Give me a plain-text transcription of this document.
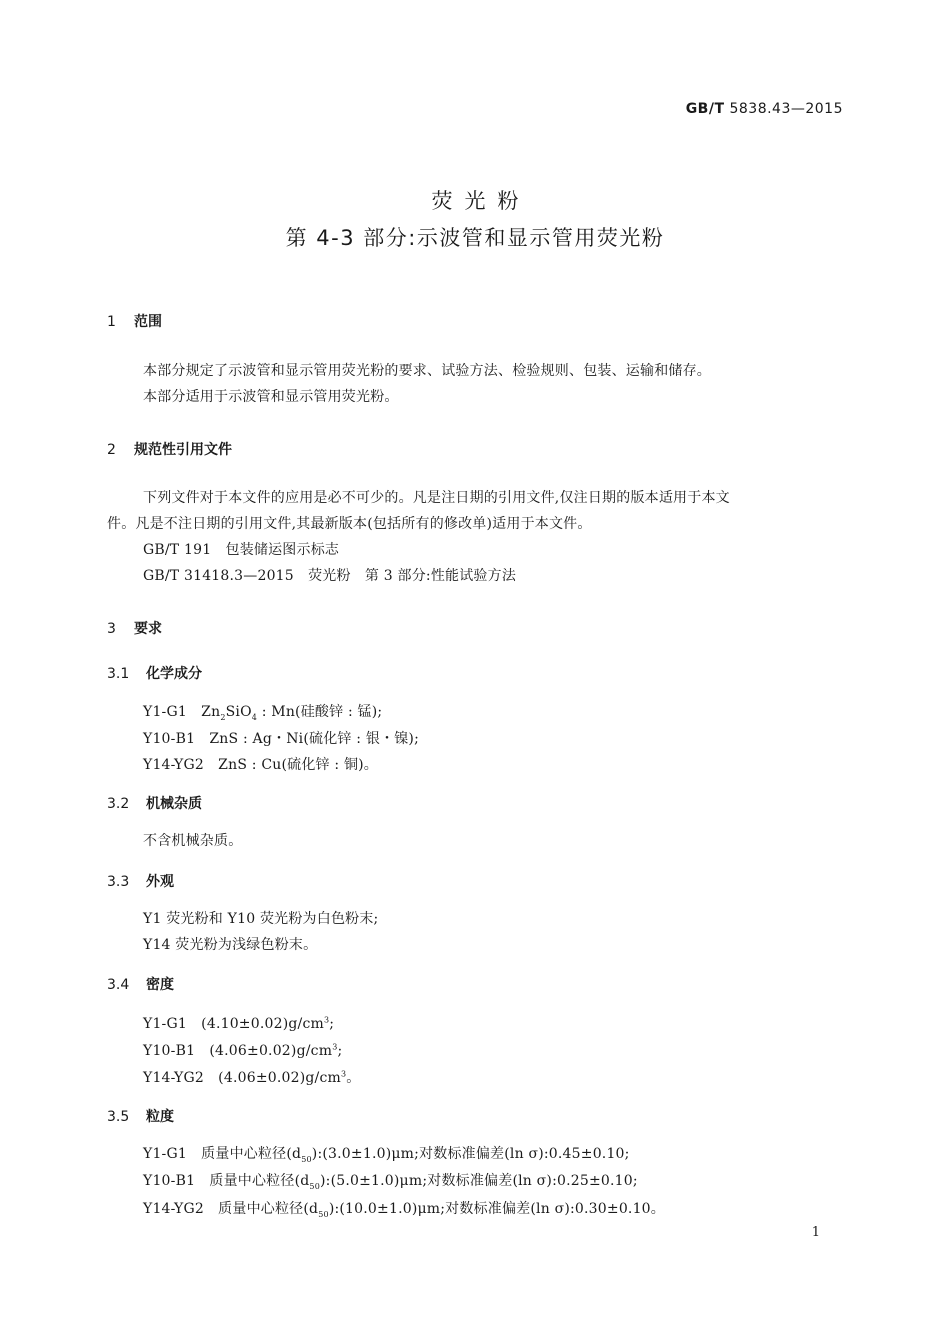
GB/T 5838.43—2015
荧光粉
第 4-3 部分:示波管和显示管用荧光粉
1 范围
本部分规定了示波管和显示管用荧光粉的要求、试验方法、检验规则、包装、运输和储存。
本部分适用于示波管和显示管用荧光粉。
2 规范性引用文件
下列文件对于本文件的应用是必不可少的。凡是注日期的引用文件,仅注日期的版本适用于本文
件。凡是不注日期的引用文件,其最新版本(包括所有的修改单)适用于本文件。
GB/T 191　包装储运图示标志
GB/T 31418.3—2015　荧光粉　第 3 部分:性能试验方法
3 要求
3.1 化学成分
Y1-G1　$Zn_2SiO_4$ : Mn(硅酸锌 : 锰);
Y10-B1　ZnS : Ag・Ni(硫化锌 : 银・镍);
Y14-YG2　ZnS : Cu(硫化锌 : 铜)。
3.2 机械杂质
不含机械杂质。
3.3 外观
Y1 荧光粉和 Y10 荧光粉为白色粉末;
Y14 荧光粉为浅绿色粉末。
3.4 密度
Y1-G1　$(4.10\pm 0.02)g/cm^3$;
Y10-B1　$(4.06\pm 0.02)g/cm^3$;
Y14-YG2　$(4.06\pm 0.02)g/cm^3$。
3.5 粒度
Y1-G1　质量中心粒径$(d_{50}):(3.0\pm 1.0)\mu m$;对数标准偏差(ln σ):0.45±0.10;
Y10-B1　质量中心粒径$(d_{50}):(5.0\pm 1.0)\mu m$;对数标准偏差(ln σ):0.25±0.10;
Y14-YG2　质量中心粒径$(d_{50}):(10.0\pm 1.0)\mu m$;对数标准偏差(ln σ):0.30±0.10。
1
